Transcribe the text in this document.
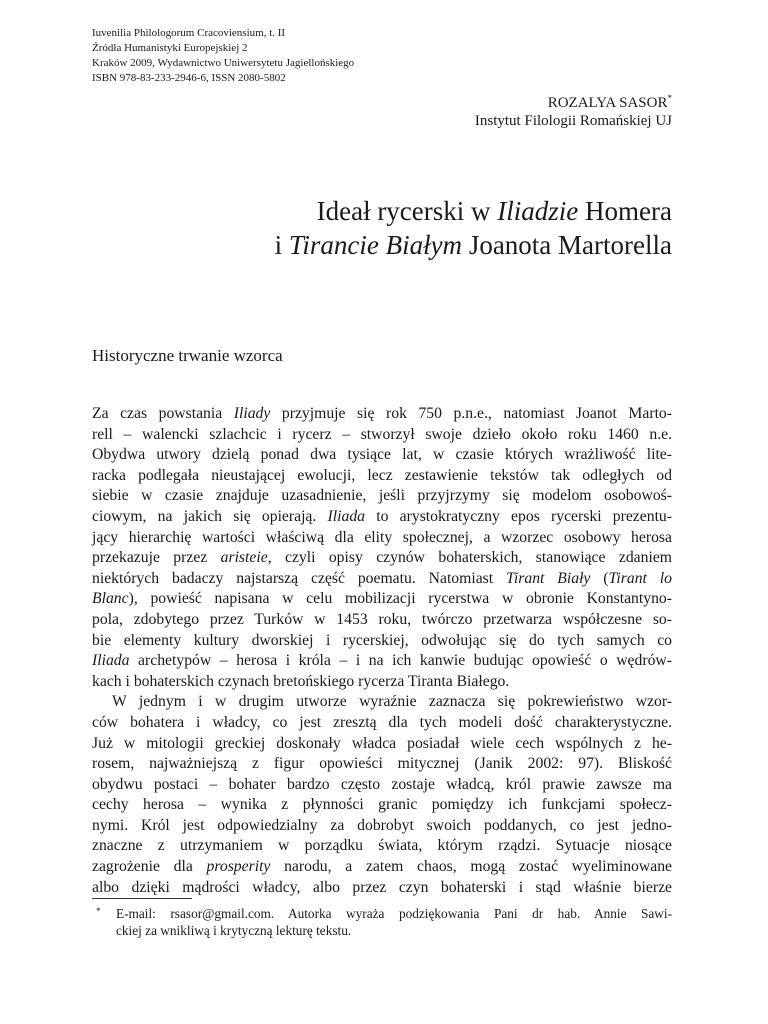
Iuvenilia Philologorum Cracoviensium, t. II
Źródła Humanistyki Europejskiej 2
Kraków 2009, Wydawnictwo Uniwersytetu Jagiellońskiego
ISBN 978-83-233-2946-6, ISSN 2080-5802
ROZALYA SASOR*
Instytut Filologii Romańskiej UJ
Ideał rycerski w Iliadzie Homera
i Tirancie Białym Joanota Martorella
Historyczne trwanie wzorca
Za czas powstania Iliady przyjmuje się rok 750 p.n.e., natomiast Joanot Marto-
rell – walencki szlachcic i rycerz – stworzył swoje dzieło około roku 1460 n.e.
Obydwa utwory dzielą ponad dwa tysiące lat, w czasie których wrażliwość lite-
racka podlegała nieustającej ewolucji, lecz zestawienie tekstów tak odległych od
siebie w czasie znajduje uzasadnienie, jeśli przyjrzymy się modelom osobowoś-
ciowym, na jakich się opierają. Iliada to arystokratyczny epos rycerski prezentu-
jący hierarchię wartości właściwą dla elity społecznej, a wzorzec osobowy herosa
przekazuje przez aristeie, czyli opisy czynów bohaterskich, stanowiące zdaniem
niektórych badaczy najstarszą część poematu. Natomiast Tirant Biały (Tirant lo
Blanc), powieść napisana w celu mobilizacji rycerstwa w obronie Konstantyno-
pola, zdobytego przez Turków w 1453 roku, twórczo przetwarza współczesne so-
bie elementy kultury dworskiej i rycerskiej, odwołując się do tych samych co
Iliada archetypów – herosa i króla – i na ich kanwie budując opowieść o wędrów-
kach i bohaterskich czynach bretońskiego rycerza Tiranta Białego.
W jednym i w drugim utworze wyraźnie zaznacza się pokrewieństwo wzor-
ców bohatera i władcy, co jest zresztą dla tych modeli dość charakterystyczne.
Już w mitologii greckiej doskonały władca posiadał wiele cech wspólnych z he-
rosem, najważniejszą z figur opowieści mitycznej (Janik 2002: 97). Bliskość
obydwu postaci – bohater bardzo często zostaje władcą, król prawie zawsze ma
cechy herosa – wynika z płynności granic pomiędzy ich funkcjami społecz-
nymi. Król jest odpowiedzialny za dobrobyt swoich poddanych, co jest jedno-
znaczne z utrzymaniem w porządku świata, którym rządzi. Sytuacje niosące
zagrożenie dla prosperity narodu, a zatem chaos, mogą zostać wyeliminowane
albo dzięki mądrości władcy, albo przez czyn bohaterski i stąd właśnie bierze
*	E-mail: rsasor@gmail.com. Autorka wyraża podziękowania Pani dr hab. Annie Sawi-
ckiej za wnikliwą i krytyczną lekturę tekstu.
